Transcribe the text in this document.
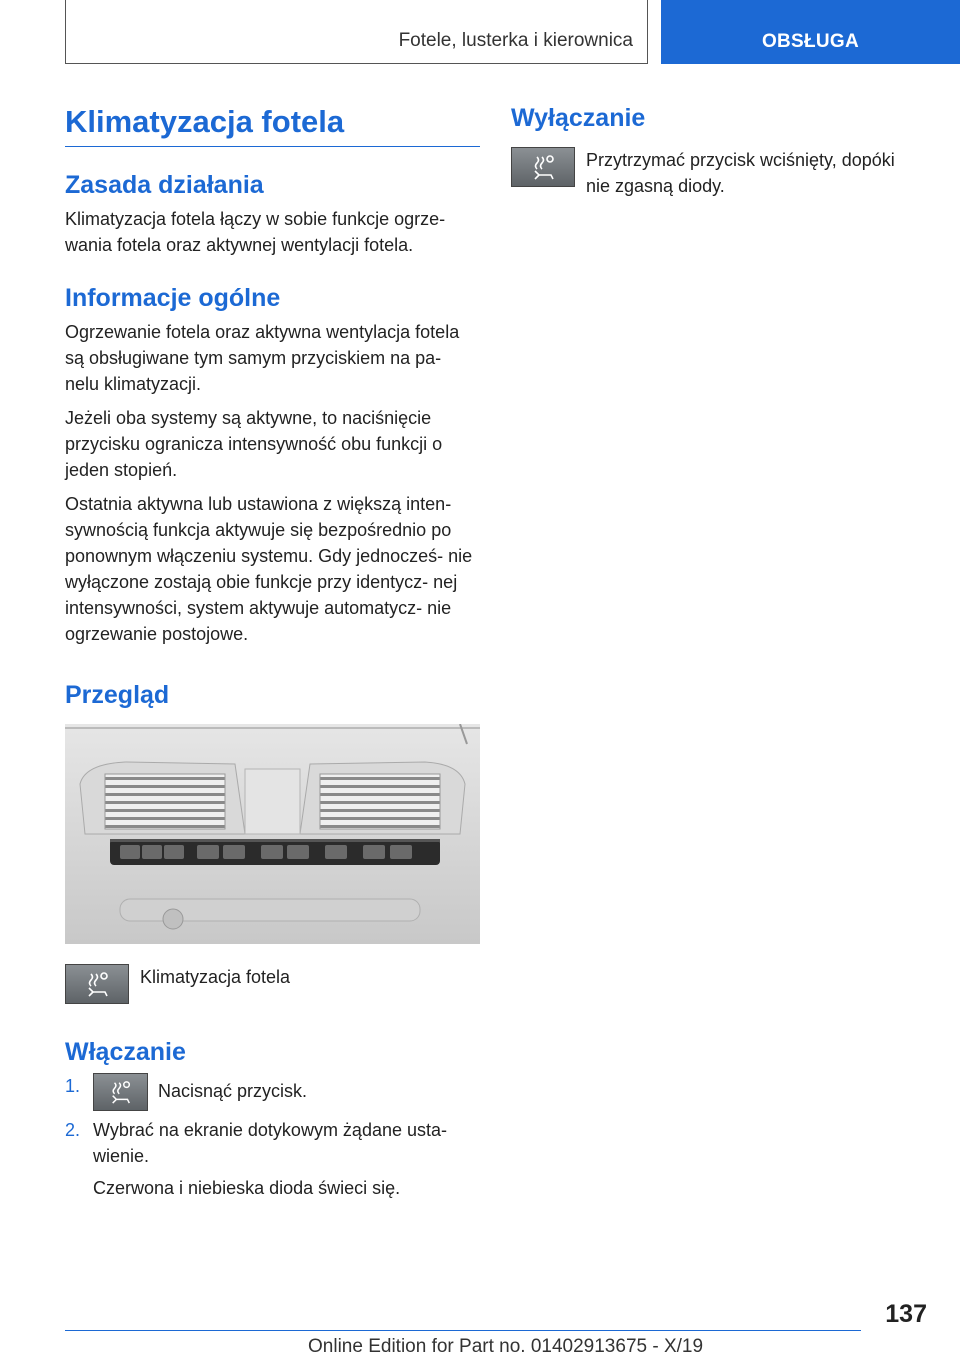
Fotele, lusterka i kierownica	OBSŁUGA
Klimatyzacja fotela
Zasada działania

Klimatyzacja fotela łączy w sobie funkcje ogrze‐ wania fotela oraz aktywnej wentylacji fotela.

Informacje ogólne

Ogrzewanie fotela oraz aktywna wentylacja fotela są obsługiwane tym samym przyciskiem na pa‐ nelu klimatyzacji.

Jeżeli oba systemy są aktywne, to naciśnięcie przycisku ogranicza intensywność obu funkcji o jeden stopień.

Ostatnia aktywna lub ustawiona z większą inten‐ sywnością funkcja aktywuje się bezpośrednio po ponownym włączeniu systemu. Gdy jednocześ‐ nie wyłączone zostają obie funkcje przy identycz‐ nej intensywności, system aktywuje automatycz‐ nie ogrzewanie postojowe.

Przegląd
Klimatyzacja fotela
Włączanie
1.	Nacisnąć przycisk.
2. Wybrać na ekranie dotykowym żądane usta‐ wienie.

Czerwona i niebieska dioda świeci się.

Wyłączanie
Przytrzymać przycisk wciśnięty, dopóki nie zgasną diody.
137
Online Edition for Part no. 01402913675 - X/19
